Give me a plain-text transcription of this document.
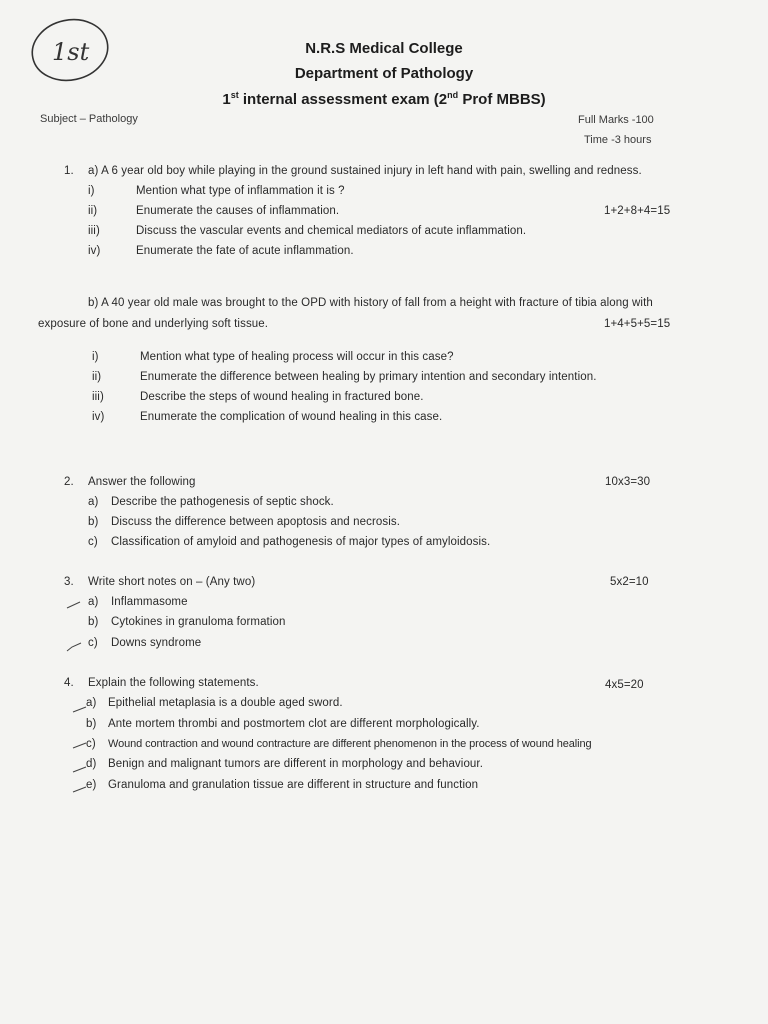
1st	N.R.S Medical College
Department of Pathology
1st internal assessment exam (2nd Prof MBBS)
Subject – Pathology	Full Marks -100
Time -3 hours
1. a) A 6 year old boy while playing in the ground sustained injury in left hand with pain, swelling and redness.
i)	Mention what type of inflammation it is ?
ii)	Enumerate the causes of inflammation.	1+2+8+4=15
iii)	Discuss the vascular events and chemical mediators of acute inflammation.
iv)	Enumerate the fate of acute inflammation.
b) A 40 year old male was brought to the OPD with history of fall from a height with fracture of tibia along with
exposure of bone and underlying soft tissue.	1+4+5+5=15
i)	Mention what type of healing process will occur in this case?
ii)	Enumerate the difference between healing by primary intention and secondary intention.
iii)	Describe the steps of wound healing in fractured bone.
iv)	Enumerate the complication of wound healing in this case.
2. Answer the following	10x3=30
a) Describe the pathogenesis of septic shock.
b) Discuss the difference between apoptosis and necrosis.
c) Classification of amyloid and pathogenesis of major types of amyloidosis.
3. Write short notes on – (Any two)	5x2=10
a) Inflammasome
b) Cytokines in granuloma formation
c) Downs syndrome
4. Explain the following statements.	4x5=20
a) Epithelial metaplasia is a double aged sword.
b) Ante mortem thrombi and postmortem clot are different morphologically.
c) Wound contraction and wound contracture are different phenomenon in the process of wound healing
d) Benign and malignant tumors are different in morphology and behaviour.
e) Granuloma and granulation tissue are different in structure and function
